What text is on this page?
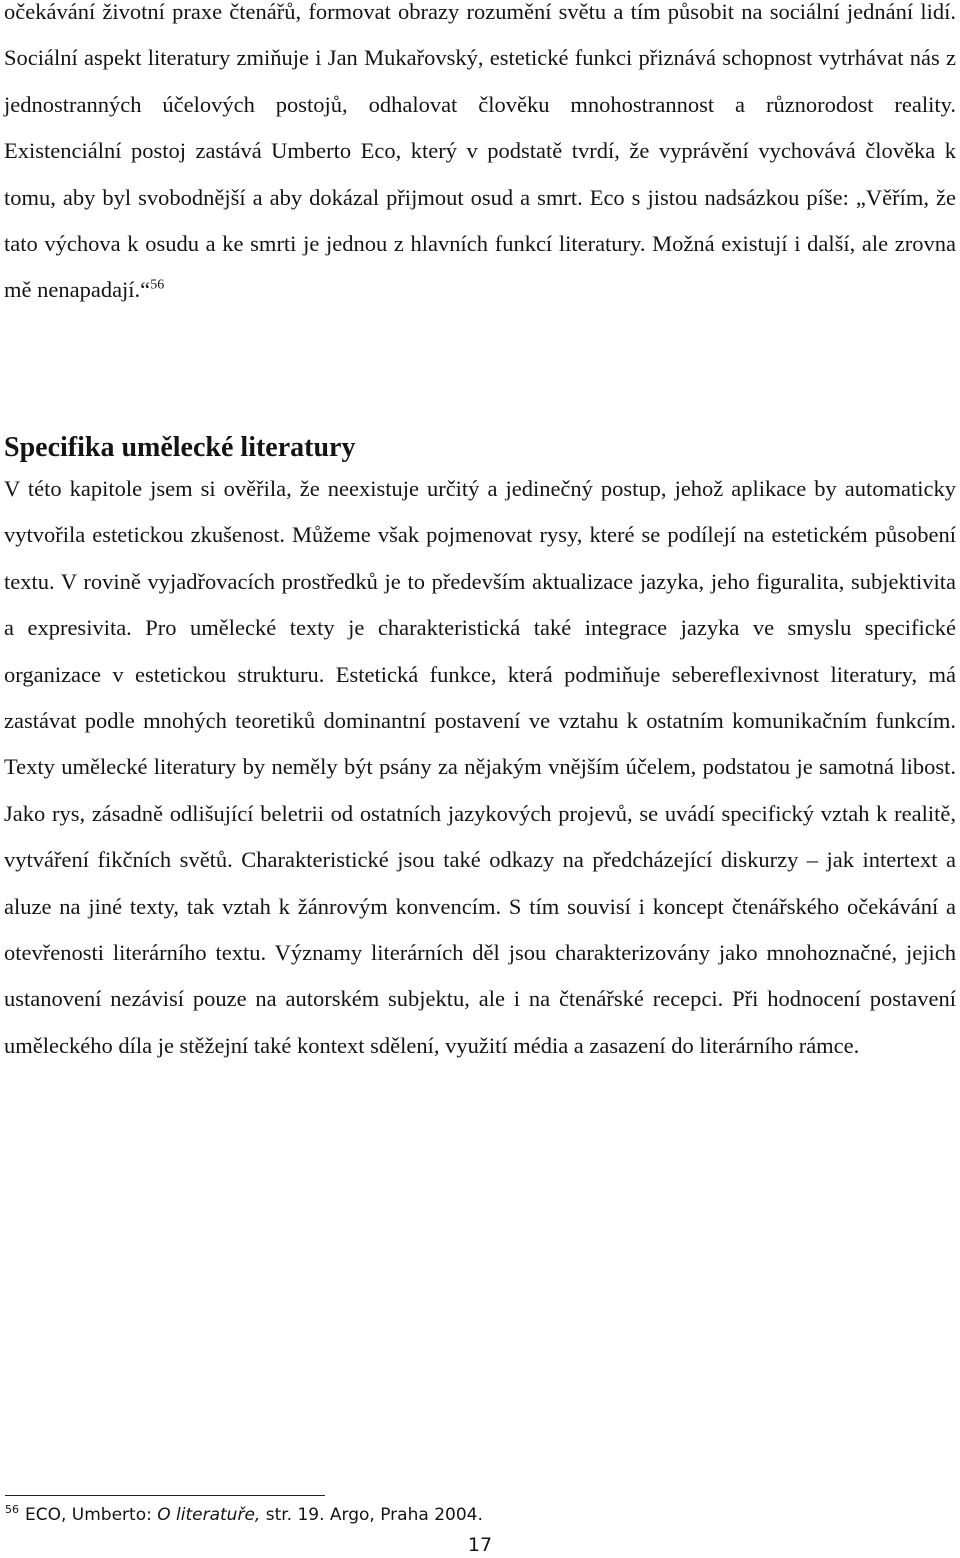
očekávání životní praxe čtenářů, formovat obrazy rozumění světu a tím působit na sociální jednání lidí. Sociální aspekt literatury zmiňuje i Jan Mukařovský, estetické funkci přiznává schopnost vytrhávat nás z jednostranných účelových postojů, odhalovat člověku mnohostrannost a různorodost reality. Existenciální postoj zastává Umberto Eco, který v podstatě tvrdí, že vyprávění vychovává člověka k tomu, aby byl svobodnější a aby dokázal přijmout osud a smrt. Eco s jistou nadsázkou píše: „Věřím, že tato výchova k osudu a ke smrti je jednou z hlavních funkcí literatury. Možná existují i další, ale zrovna mě nenapadají.“$^{56}$

Specifika umělecké literatury

V této kapitole jsem si ověřila, že neexistuje určitý a jedinečný postup, jehož aplikace by automaticky vytvořila estetickou zkušenost. Můžeme však pojmenovat rysy, které se podílejí na estetickém působení textu. V rovině vyjadřovacích prostředků je to především aktualizace jazyka, jeho figuralita, subjektivita a expresivita. Pro umělecké texty je charakteristická také integrace jazyka ve smyslu specifické organizace v estetickou strukturu. Estetická funkce, která podmiňuje sebereflexivnost literatury, má zastávat podle mnohých teoretiků dominantní postavení ve vztahu k ostatním komunikačním funkcím. Texty umělecké literatury by neměly být psány za nějakým vnějším účelem, podstatou je samotná libost. Jako rys, zásadně odlišující beletrii od ostatních jazykových projevů, se uvádí specifický vztah k realitě, vytváření fikčních světů. Charakteristické jsou také odkazy na předcházející diskurzy – jak intertext a aluze na jiné texty, tak vztah k žánrovým konvencím. S tím souvisí i koncept čtenářského očekávání a otevřenosti literárního textu. Významy literárních děl jsou charakterizovány jako mnohoznačné, jejich ustanovení nezávisí pouze na autorském subjektu, ale i na čtenářské recepci. Při hodnocení postavení uměleckého díla je stěžejní také kontext sdělení, využití média a zasazení do literárního rámce.

$^{56}$ ECO, Umberto: O literatuře, str. 19. Argo, Praha 2004.
17
